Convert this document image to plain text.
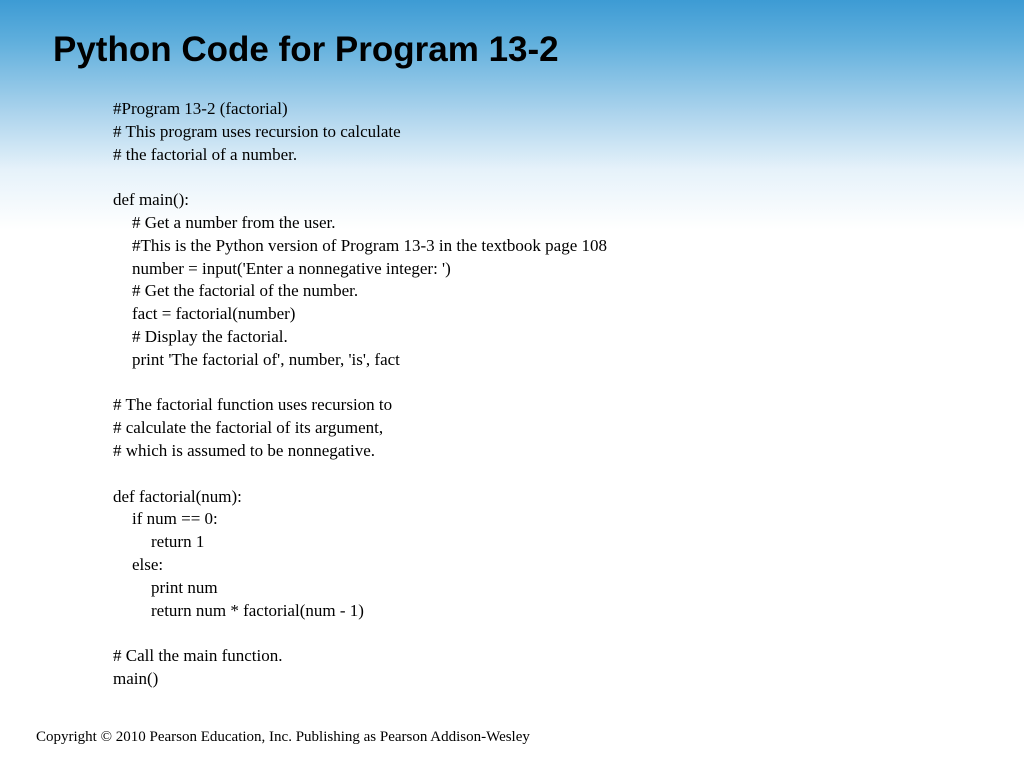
Python Code for Program 13-2
#Program 13-2 (factorial)
# This program uses recursion to calculate
# the factorial of a number.
def main():
# Get a number from the user.
#This is the Python version of Program 13-3 in the textbook page 108
number = input('Enter a nonnegative integer: ')
# Get the factorial of the number.
fact = factorial(number)
# Display the factorial.
print 'The factorial of', number, 'is', fact
# The factorial function uses recursion to
# calculate the factorial of its argument,
# which is assumed to be nonnegative.
def factorial(num):
if num == 0:
return 1
else:
print num
return num * factorial(num - 1)
# Call the main function.
main()
Copyright © 2010 Pearson Education, Inc. Publishing as Pearson Addison-Wesley
